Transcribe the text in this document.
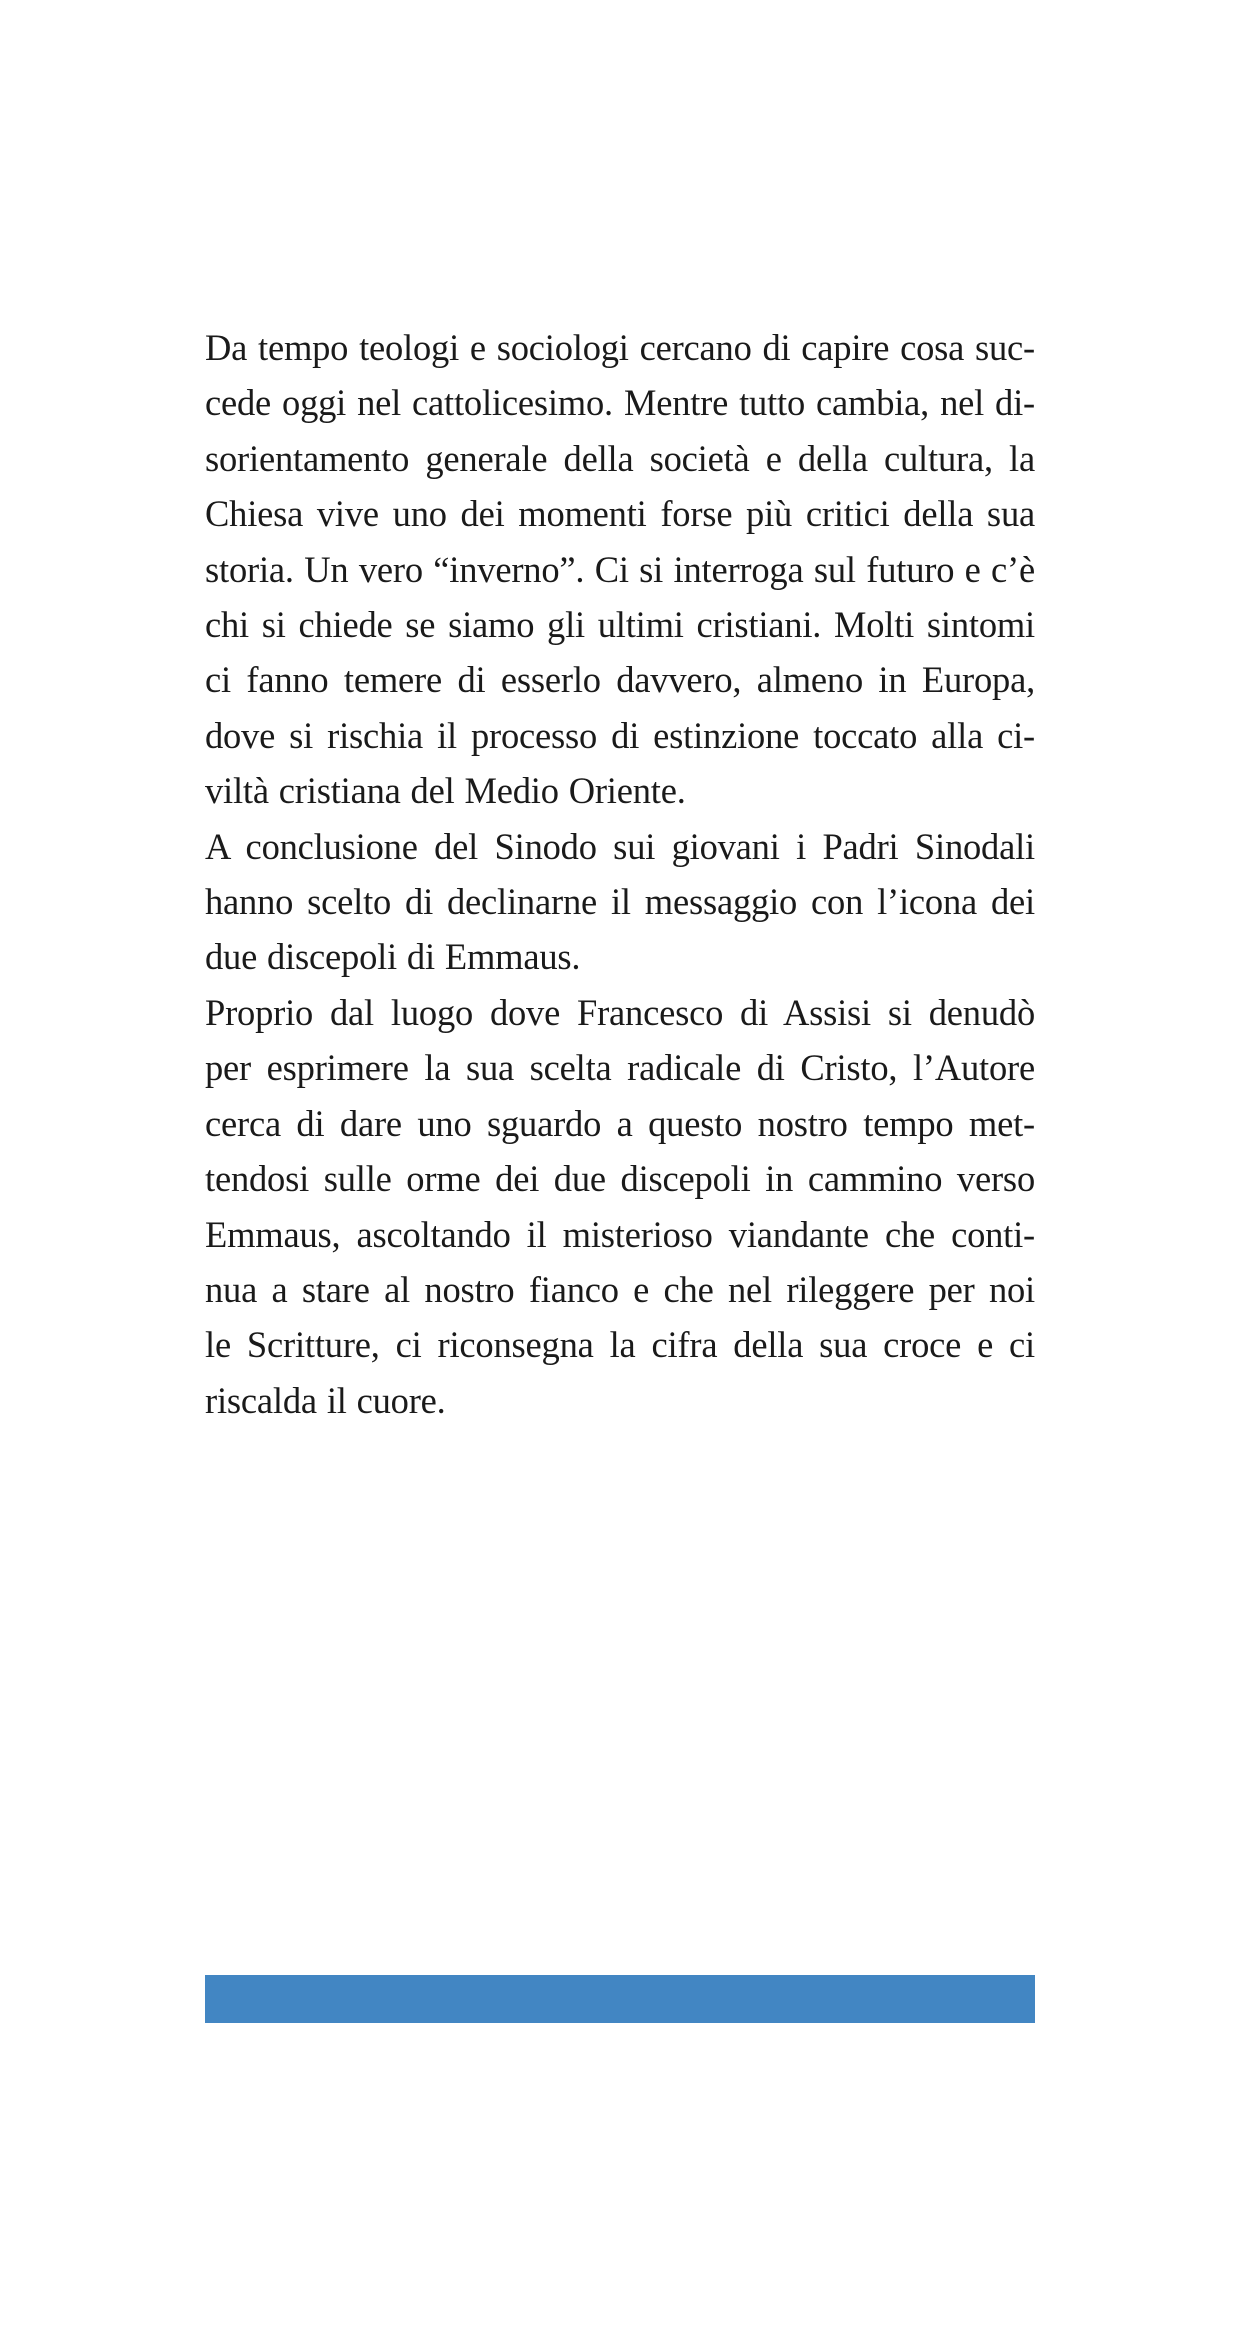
Da tempo teologi e sociologi cercano di capire cosa suc-
cede oggi nel cattolicesimo. Mentre tutto cambia, nel di-
sorientamento generale della società e della cultura, la
Chiesa vive uno dei momenti forse più critici della sua
storia. Un vero “inverno”. Ci si interroga sul futuro e c’è
chi si chiede se siamo gli ultimi cristiani. Molti sintomi
ci fanno temere di esserlo davvero, almeno in Europa,
dove si rischia il processo di estinzione toccato alla ci-
viltà cristiana del Medio Oriente.
A conclusione del Sinodo sui giovani i Padri Sinodali
hanno scelto di declinarne il messaggio con l’icona dei
due discepoli di Emmaus.
Proprio dal luogo dove Francesco di Assisi si denudò
per esprimere la sua scelta radicale di Cristo, l’Autore
cerca di dare uno sguardo a questo nostro tempo met-
tendosi sulle orme dei due discepoli in cammino verso
Emmaus, ascoltando il misterioso viandante che conti-
nua a stare al nostro fianco e che nel rileggere per noi
le Scritture, ci riconsegna la cifra della sua croce e ci
riscalda il cuore.
